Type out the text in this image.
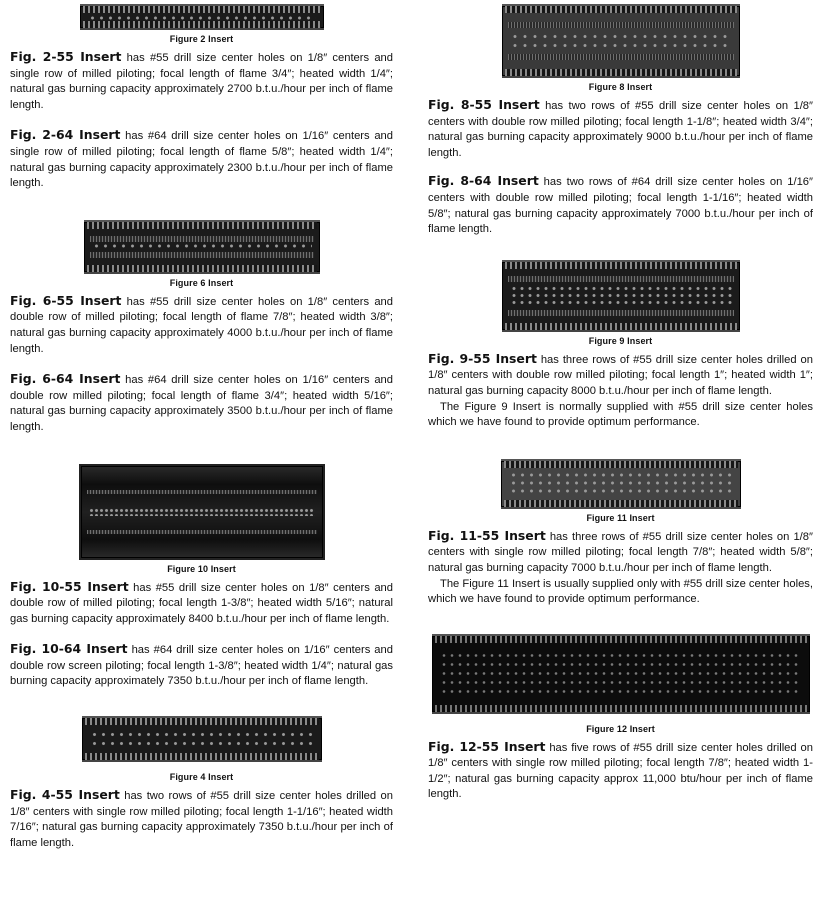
Figure 2 Insert

Fig. 2-55 Insert has #55 drill size center holes on 1/8″ centers and single row of milled piloting; focal length of flame 3/4″; heated width 1/4″; natural gas burning capacity approximately 2700 b.t.u./hour per inch of flame length.

Fig. 2-64 Insert has #64 drill size center holes on 1/16″ centers and single row of milled piloting; focal length of flame 5/8″; heated width 1/4″; natural gas burning capacity approximately 2300 b.t.u./hour per inch of flame length.

Figure 6 Insert

Fig. 6-55 Insert has #55 drill size center holes on 1/8″ centers and double row of milled piloting; focal length of flame 7/8″; heated width 3/8″; natural gas burning capacity approximately 4000 b.t.u./hour per inch of flame length.

Fig. 6-64 Insert has #64 drill size center holes on 1/16″ centers and double row milled piloting; focal length of flame 3/4″; heated width 5/16″; natural gas burning capacity approximately 3500 b.t.u./hour per inch of flame length.

Figure 10 Insert

Fig. 10-55 Insert has #55 drill size center holes on 1/8″ centers and double row of milled piloting; focal length 1-3/8″; heated width 5/16″; natural gas burning capacity approximately 8400 b.t.u./hour per inch of flame length.

Fig. 10-64 Insert has #64 drill size center holes on 1/16″ centers and double row screen piloting; focal length 1-3/8″; heated width 1/4″; natural gas burning capacity approximately 7350 b.t.u./hour per inch of flame length.

Figure 4 Insert

Fig. 4-55 Insert has two rows of #55 drill size center holes drilled on 1/8″ centers with single row milled piloting; focal length 1-1/16″; heated width 7/16″; natural gas burning capacity approximately 7350 b.t.u./hour per inch of flame length.

Figure 8 Insert

Fig. 8-55 Insert has two rows of #55 drill size center holes on 1/8″ centers with double row milled piloting; focal length 1-1/8″; heated width 3/4″; natural gas burning capacity approximately 9000 b.t.u./hour per inch of flame length.

Fig. 8-64 Insert has two rows of #64 drill size center holes on 1/16″ centers with double row milled piloting; focal length 1-1/16″; heated width 5/8″; natural gas burning capacity approximately 7000 b.t.u./hour per inch of flame length.

Figure 9 Insert

Fig. 9-55 Insert has three rows of #55 drill size center holes drilled on 1/8″ centers with double row milled piloting; focal length 1″; heated width 1″; natural gas burning capacity 8000 b.t.u./hour per inch of flame length.

The Figure 9 Insert is normally supplied with #55 drill size center holes which we have found to provide optimum performance.

Figure 11 Insert

Fig. 11-55 Insert has three rows of #55 drill size center holes on 1/8″ centers with single row milled piloting; focal length 7/8″; heated width 5/8″; natural gas burning capacity 7000 b.t.u./hour per inch of flame length.

The Figure 11 Insert is usually supplied only with #55 drill size center holes, which we have found to provide optimum performance.

Figure 12 Insert

Fig. 12-55 Insert has five rows of #55 drill size center holes drilled on 1/8″ centers with single row milled piloting; focal length 7/8″; heated width 1-1/2″; natural gas burning capacity approx 11,000 btu/hour per inch of flame length.
